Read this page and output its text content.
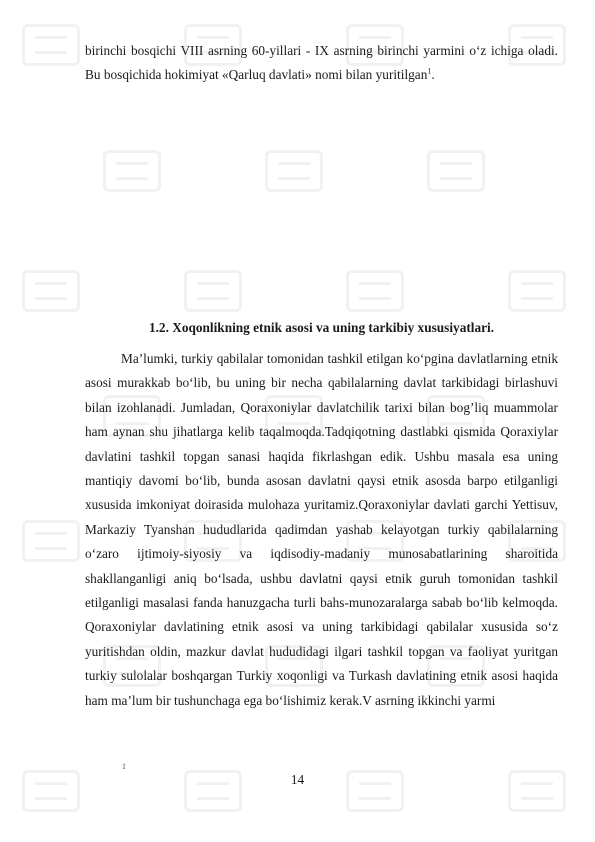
birinchi bosqichi VIII asrning 60-yillari - IX asrning birinchi yarmini o‘z ichiga oladi. Bu bosqichida hokimiyat «Qarluq davlati» nomi bilan yuritilgan$^1$.

1.2. Xoqonlikning etnik asosi va uning tarkibiy xususiyatlari.

Ma’lumki, turkiy qabilalar tomonidan tashkil etilgan ko‘pgina davlatlarning etnik asosi murakkab bo‘lib, bu uning bir necha qabilalarning davlat tarkibidagi birlashuvi bilan izohlanadi. Jumladan, Qoraxoniylar davlatchilik tarixi bilan bog’liq muammolar ham aynan shu jihatlarga kelib taqalmoqda.Tadqiqotning dastlabki qismida Qoraxiylar davlatini tashkil topgan sanasi haqida fikrlashgan edik. Ushbu masala esa uning mantiqiy davomi bo‘lib, bunda asosan davlatni qaysi etnik asosda barpo etilganligi xususida imkoniyat doirasida mulohaza yuritamiz.Qoraxoniylar davlati garchi Yettisuv, Markaziy Tyanshan hududlarida qadimdan yashab kelayotgan turkiy qabilalarning o‘zaro ijtimoiy-siyosiy va iqdisodiy-madaniy munosabatlarining sharoitida shakllanganligi aniq bo‘lsada, ushbu davlatni qaysi etnik guruh tomonidan tashkil etilganligi masalasi fanda hanuzgacha turli bahs-munozaralarga sabab bo‘lib kelmoqda. Qoraxoniylar davlatining etnik asosi va uning tarkibidagi qabilalar xususida so‘z yuritishdan oldin, mazkur davlat hududidagi ilgari tashkil topgan va faoliyat yuritgan turkiy sulolalar boshqargan Turkiy xoqonligi va Turkash davlatining etnik asosi haqida ham ma’lum bir tushunchaga ega bo‘lishimiz kerak.V asrning ikkinchi yarmi

1
14
